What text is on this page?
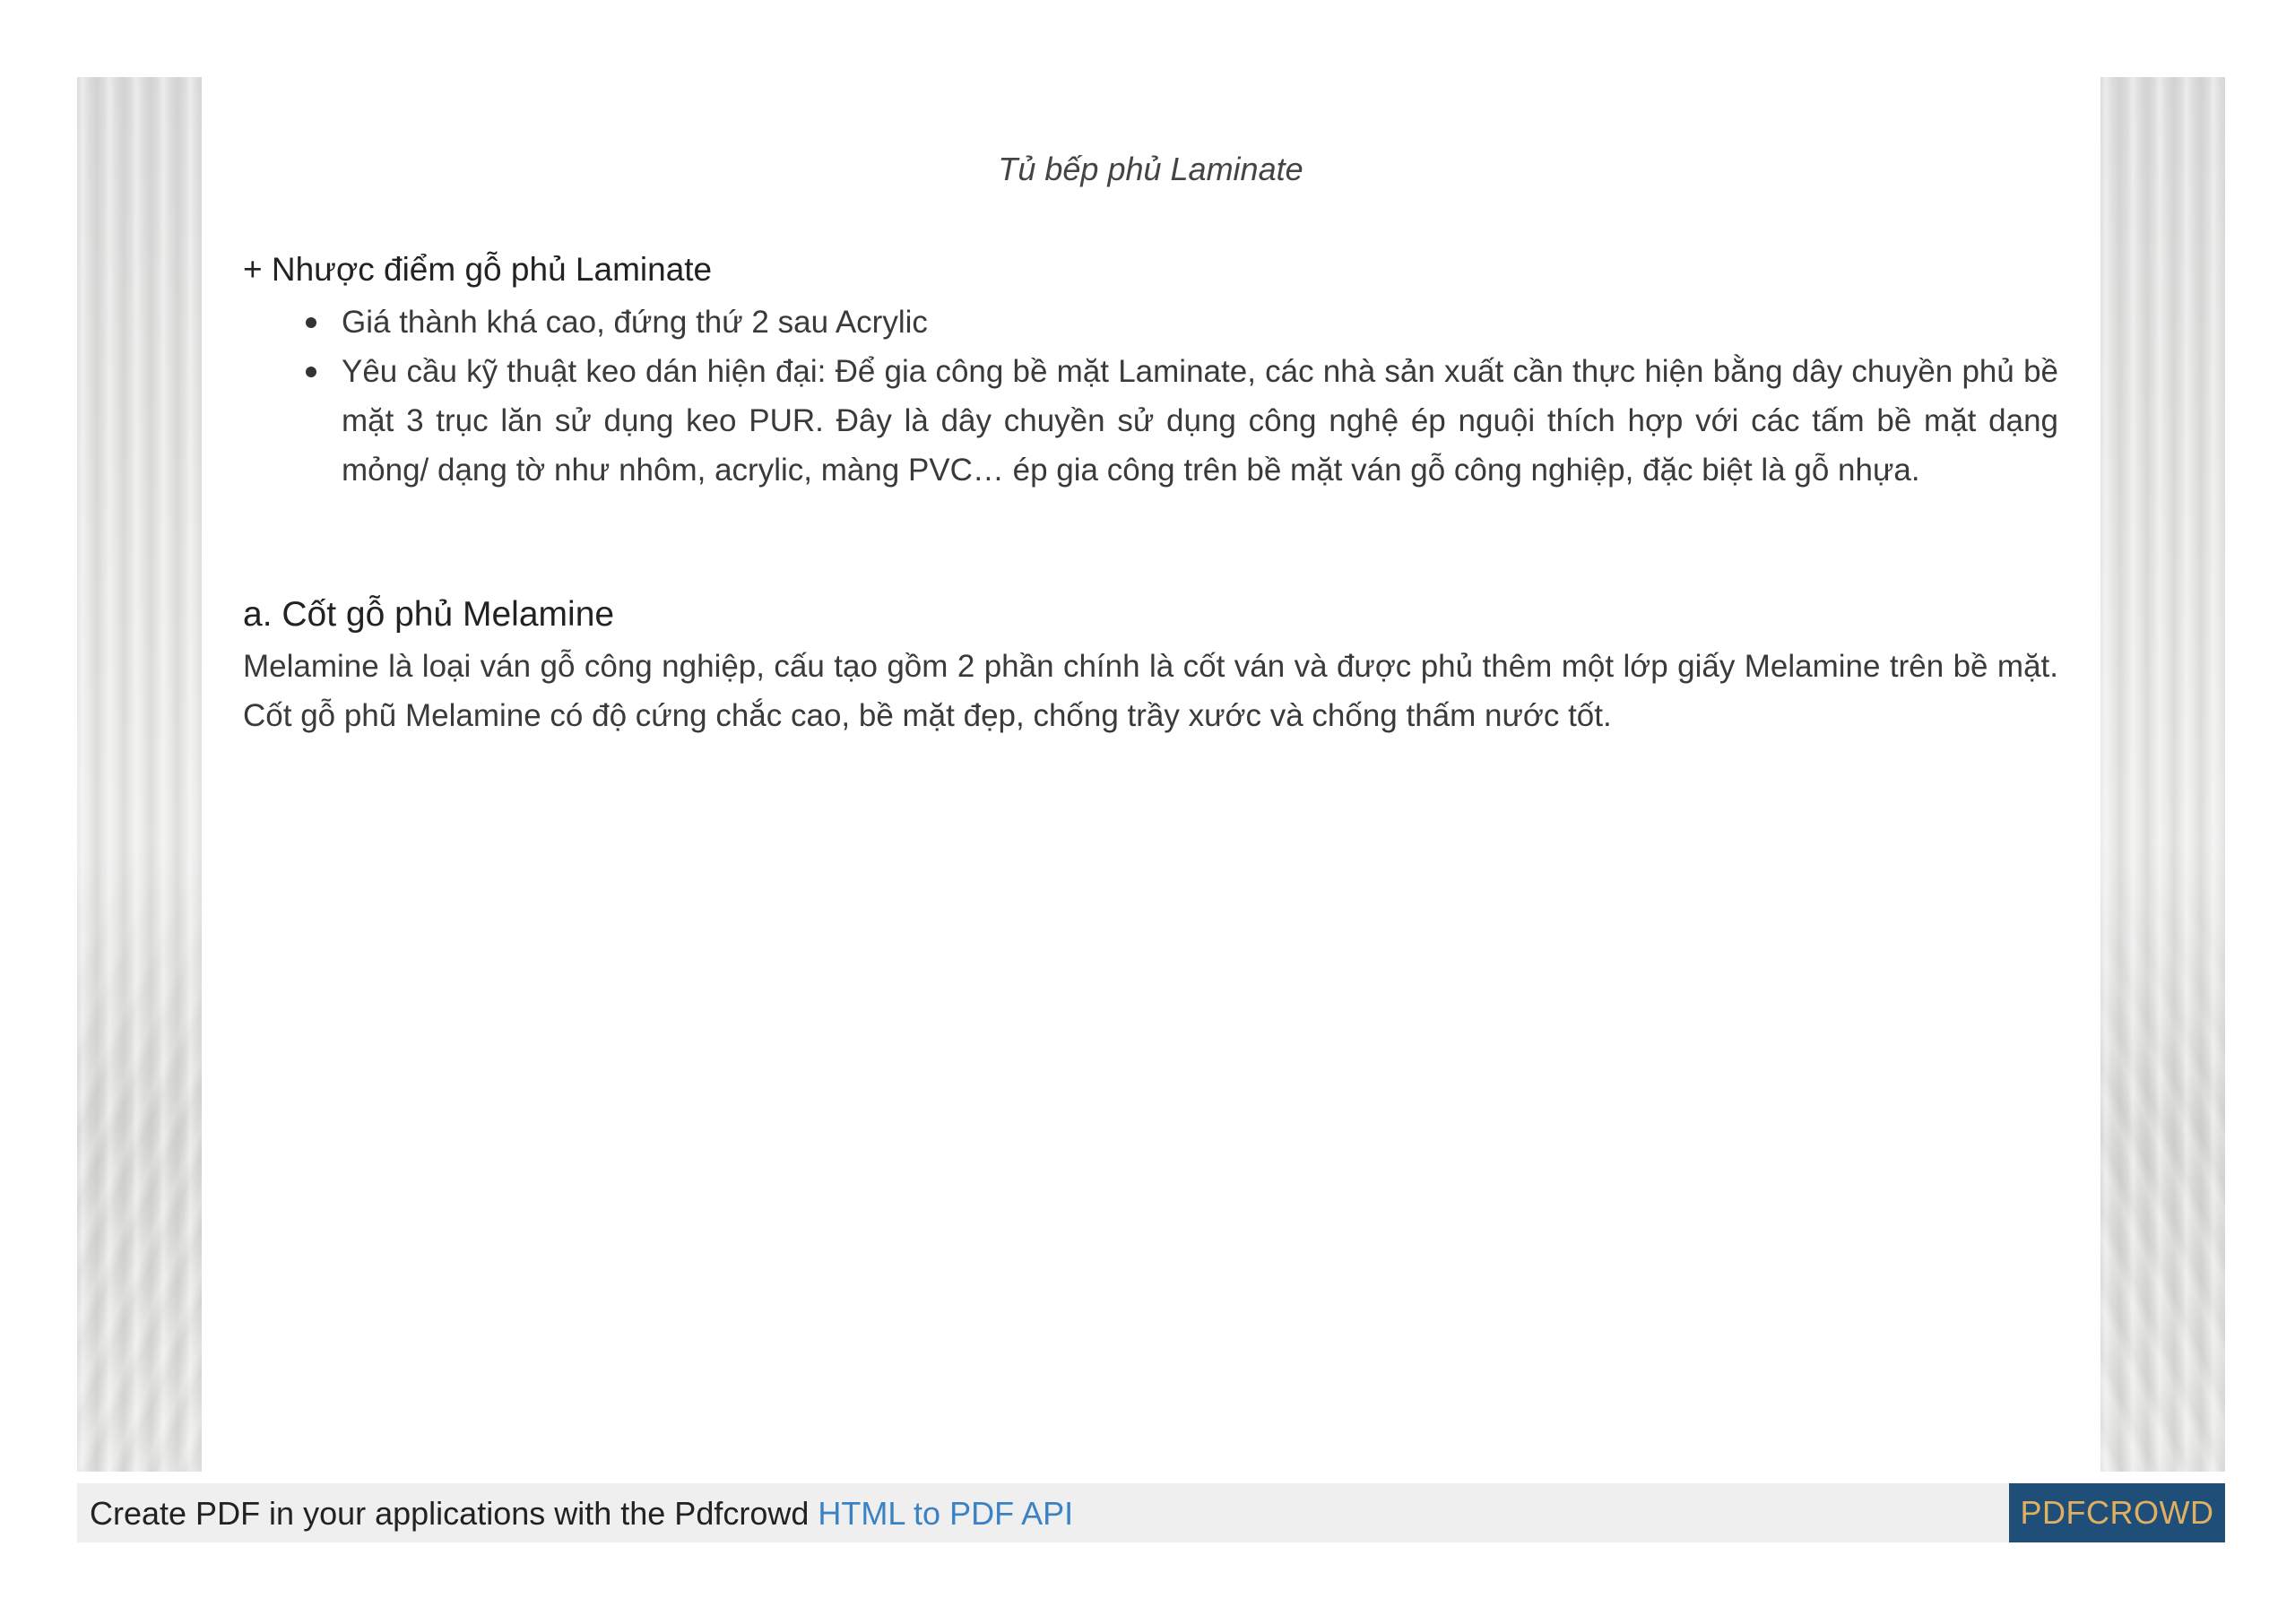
Tủ bếp phủ Laminate
+ Nhược điểm gỗ phủ Laminate
Giá thành khá cao, đứng thứ 2 sau Acrylic
Yêu cầu kỹ thuật keo dán hiện đại: Để gia công bề mặt Laminate, các nhà sản xuất cần thực hiện bằng dây chuyền phủ bề mặt 3 trục lăn sử dụng keo PUR. Đây là dây chuyền sử dụng công nghệ ép nguội thích hợp với các tấm bề mặt dạng mỏng/ dạng tờ như nhôm, acrylic, màng PVC… ép gia công trên bề mặt ván gỗ công nghiệp, đặc biệt là gỗ nhựa.
a. Cốt gỗ phủ Melamine

Melamine là loại ván gỗ công nghiệp, cấu tạo gồm 2 phần chính là cốt ván và được phủ thêm một lớp giấy Melamine trên bề mặt. Cốt gỗ phũ Melamine có độ cứng chắc cao, bề mặt đẹp, chống trầy xước và chống thấm nước tốt.

Create PDF in your applications with the Pdfcrowd HTML to PDF API	PDFCROWD
